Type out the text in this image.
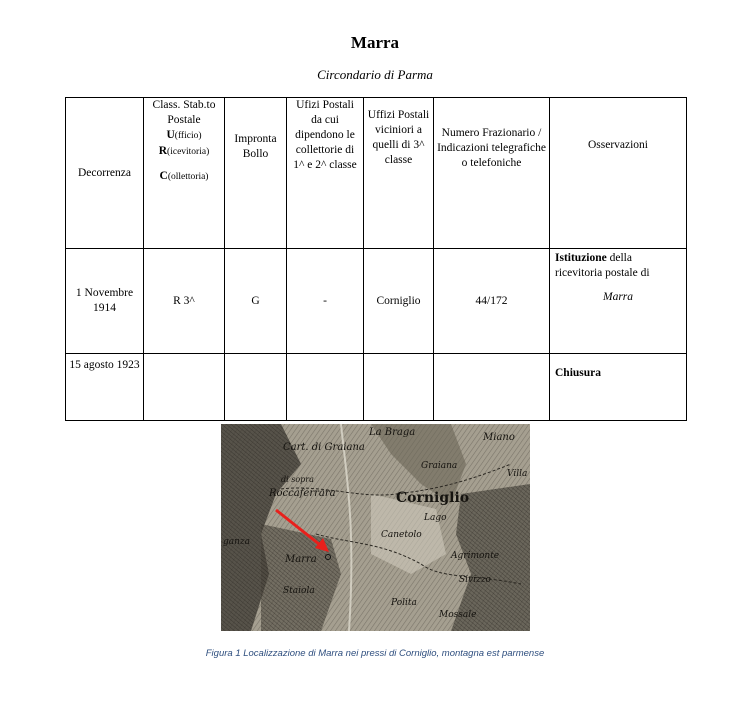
Marra
Circondario di Parma
Decorrenza	Class. Stab.to Postale
U(fficio)
R(icevitoria)
C(ollettoria)	Impronta Bollo	Ufizi Postali da cui dipendono le collettorie di 1^ e 2^ classe	Uffizi Postali viciniori a quelli di 3^ classe	Numero Frazionario / Indicazioni telegrafiche o telefoniche	Osservazioni
1 Novembre 1914	R 3^	G	-	Corniglio	44/172	Istituzione della ricevitoria postale di
Marra

15 agosto 1923						Chiusura
La Braga	Miano
Cart. di Graiana
Graiana
Villa
di sopra
Roccaferrara	Corniglio
Lago
Canetolo
ganza
Agrimonte
Marra
Sivizzo
Staiola
Polita
Mossale
Figura 1 Localizzazione di Marra nei pressi di Corniglio, montagna est parmense
